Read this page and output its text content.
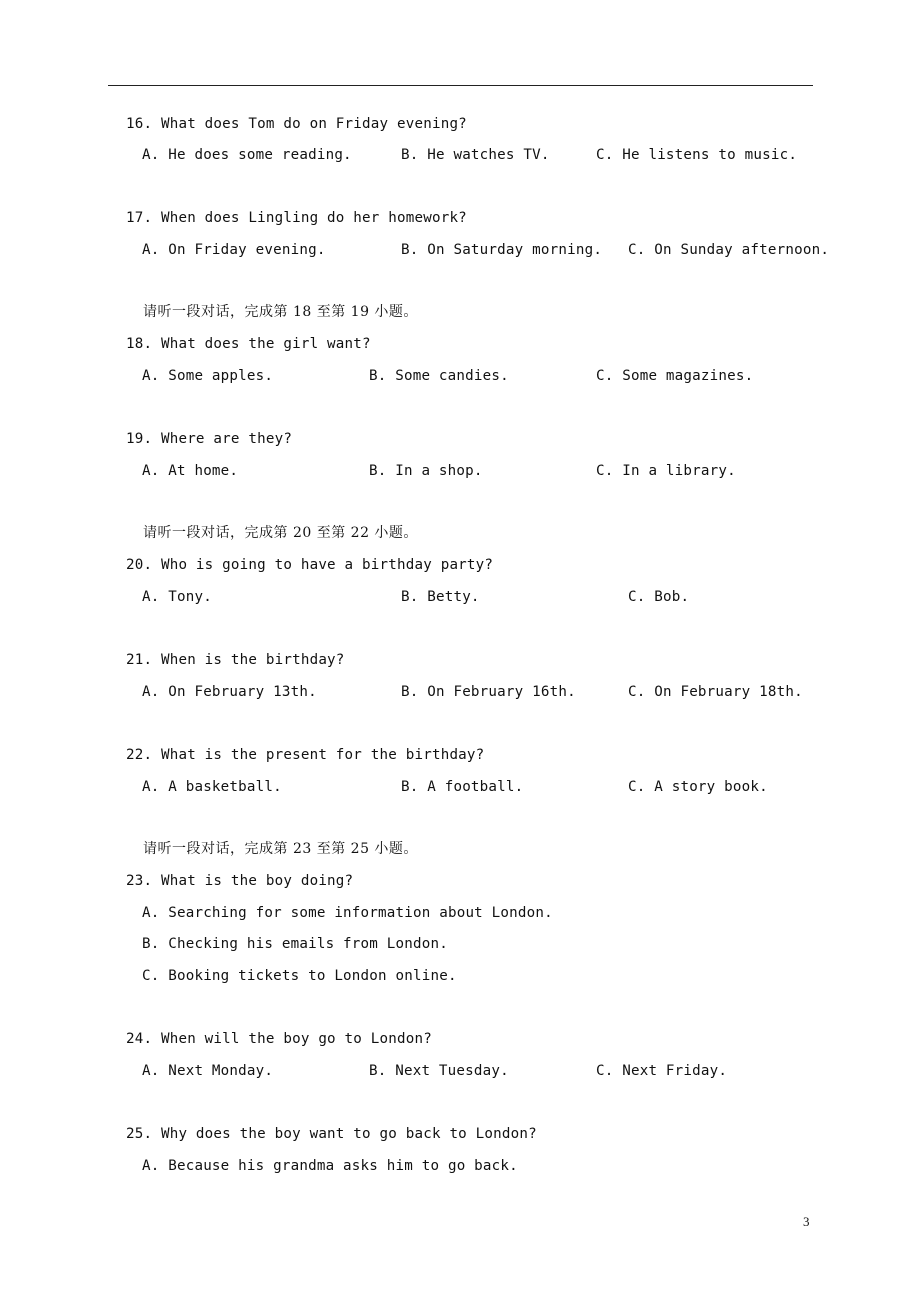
16. What does Tom do on Friday evening?
A. He does some reading.	B. He watches TV.	C. He listens to music.
17. When does Lingling do her homework?
A. On Friday evening.	B. On Saturday morning. C. On Sunday afternoon.
请听一段对话，完成第 18 至第 19 小题。
18. What does the girl want?
A. Some apples.	B. Some candies.	C. Some magazines.
19. Where are they?
A. At home.	B. In a shop.	C. In a library.
请听一段对话，完成第 20 至第 22 小题。
20. Who is going to have a birthday party?
A. Tony.	B. Betty.	C. Bob.
21. When is the birthday?
A. On February 13th.	B. On February 16th.	C. On February 18th.
22. What is the present for the birthday?
A. A basketball.	B. A football.	C. A story book.
请听一段对话，完成第 23 至第 25 小题。
23. What is the boy doing?
A. Searching for some information about London.
B. Checking his emails from London.
C. Booking tickets to London online.
24. When will the boy go to London?
A. Next Monday.	B. Next Tuesday.	C. Next Friday.
25. Why does the boy want to go back to London?
A. Because his grandma asks him to go back.
3
